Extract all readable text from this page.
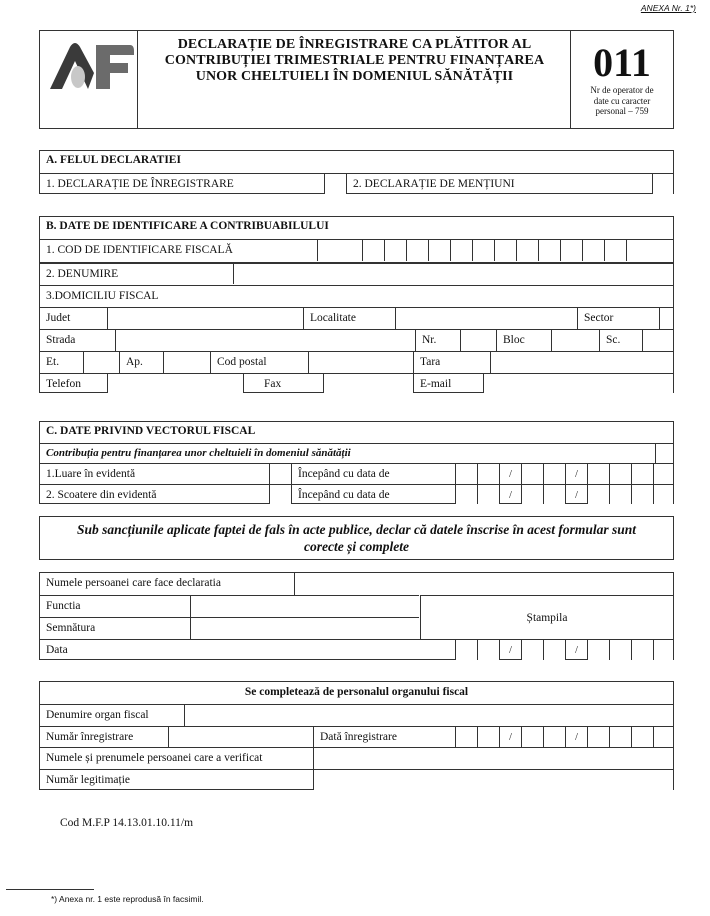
ANEXA Nr. 1*)
DECLARAȚIE DE ÎNREGISTRARE CA PLĂTITOR AL
CONTRIBUȚIEI TRIMESTRIALE PENTRU FINANȚAREA
UNOR CHELTUIELI ÎN DOMENIUL SĂNĂTĂȚII	011
Nr de operator de
date cu caracter
personal – 759
A. FELUL DECLARATIEI
1. DECLARAȚIE DE ÎNREGISTRARE	2. DECLARAȚIE DE MENȚIUNI
B. DATE DE IDENTIFICARE A CONTRIBUABILULUI
1. COD DE IDENTIFICARE FISCALĂ
2. DENUMIRE
3.DOMICILIU FISCAL
Judet	Localitate	Sector
Strada	Nr.	Bloc	Sc.
Et.	Ap.	Cod postal	Tara
Telefon	Fax	E-mail
C. DATE PRIVIND VECTORUL FISCAL
Contribuția pentru finanțarea unor cheltuieli în domeniul sănătății
1.Luare în evidentă	Începând cu data de	/	/
2. Scoatere din evidentă	Începând cu data de	/	/
Sub sancțiunile aplicate faptei de fals în acte publice, declar că datele înscrise în acest formular sunt
corecte și complete
Numele persoanei care face declaratia
Functia
Semnătura
Ștampila
Data	/	/
Se completează de personalul organului fiscal
Denumire organ fiscal
Număr înregistrare	Dată înregistrare	/	/
Numele și prenumele persoanei care a verificat
Număr legitimație
Cod M.F.P 14.13.01.10.11/m
*) Anexa nr. 1 este reprodusă în facsimil.
